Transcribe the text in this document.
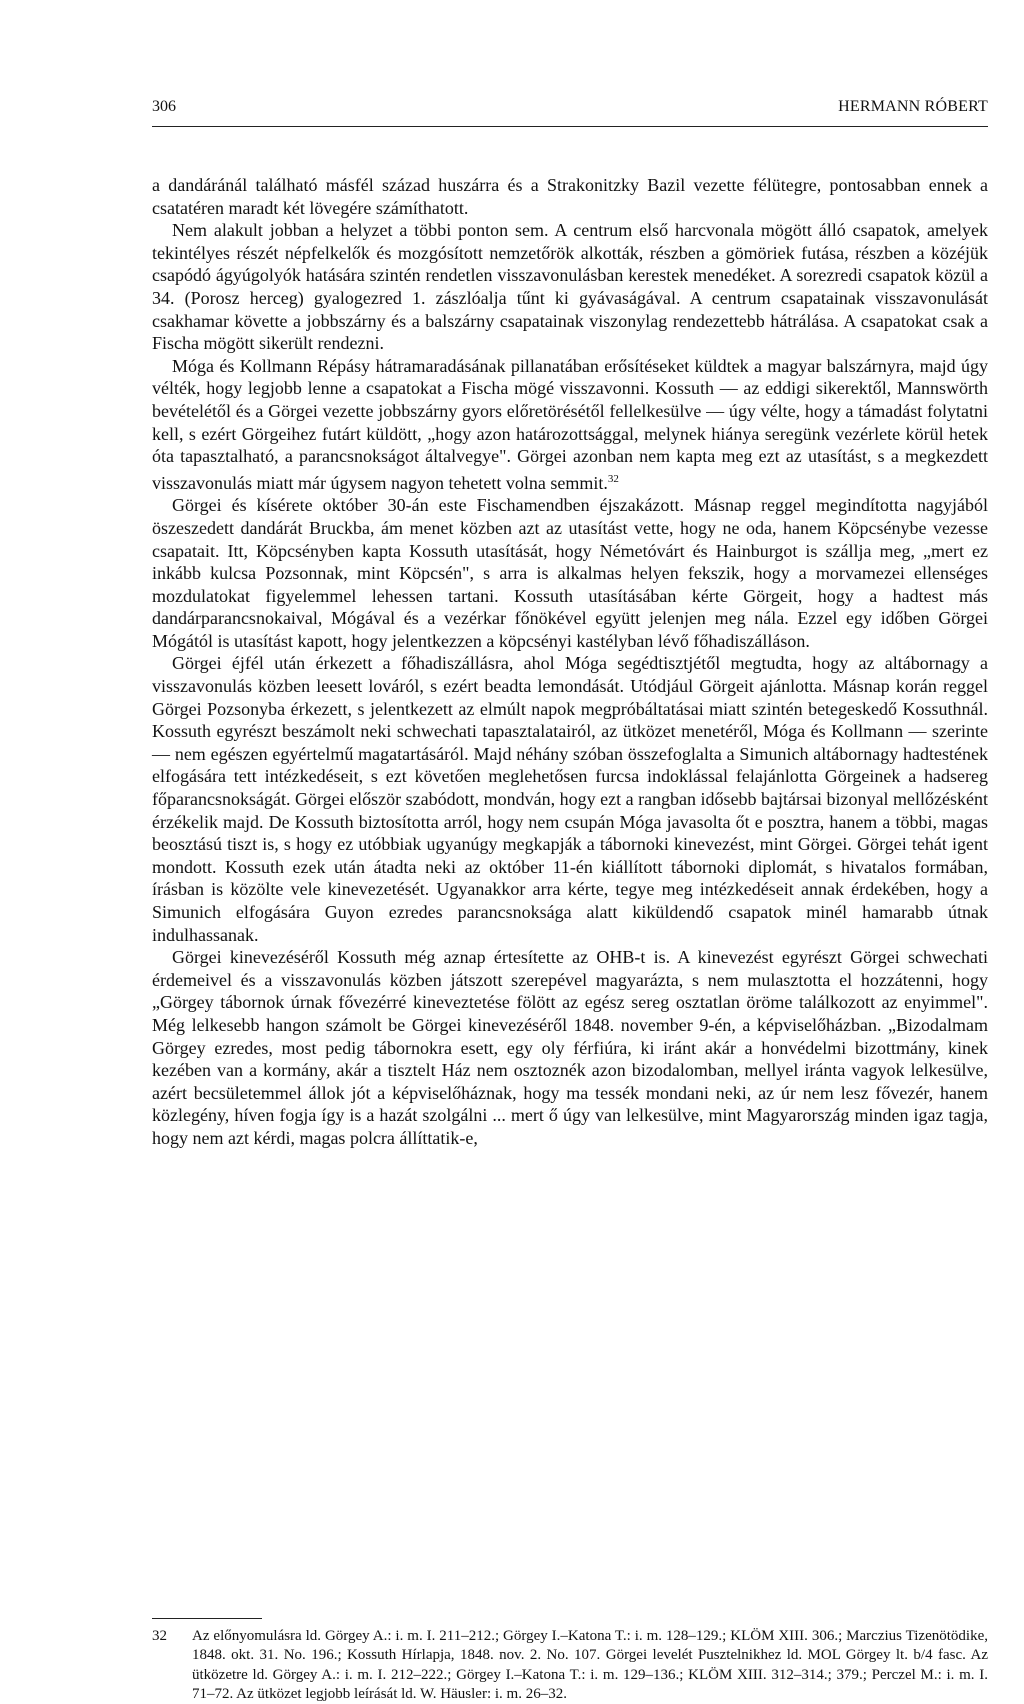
306	HERMANN RÓBERT

a dandáránál található másfél század huszárra és a Strakonitzky Bazil vezette félütegre, pontosabban ennek a csatatéren maradt két lövegére számíthatott.

Nem alakult jobban a helyzet a többi ponton sem. A centrum első harcvonala mögött álló csapatok, amelyek tekintélyes részét népfelkelők és mozgósított nemzetőrök alkották, részben a gömöriek futása, részben a közéjük csapódó ágyúgolyók hatására szintén rendetlen visszavonulásban kerestek menedéket. A sorezredi csapatok közül a 34. (Porosz herceg) gyalogezred 1. zászlóalja tűnt ki gyávaságával. A centrum csapatainak visszavonulását csakhamar követte a jobbszárny és a balszárny csapatainak viszonylag rendezettebb hátrálása. A csapatokat csak a Fischa mögött sikerült rendezni.

Móga és Kollmann Répásy hátramaradásának pillanatában erősítéseket küldtek a magyar balszárnyra, majd úgy vélték, hogy legjobb lenne a csapatokat a Fischa mögé visszavonni. Kossuth — az eddigi sikerektől, Mannswörth bevételétől és a Görgei vezette jobbszárny gyors előretörésétől fellelkesülve — úgy vélte, hogy a támadást folytatni kell, s ezért Görgeihez futárt küldött, „hogy azon határozottsággal, melynek hiánya seregünk vezérlete körül hetek óta tapasztalható, a parancsnokságot általvegye". Görgei azonban nem kapta meg ezt az utasítást, s a megkezdett visszavonulás miatt már úgysem nagyon tehetett volna semmit.$^{32}$

Görgei és kísérete október 30-án este Fischamendben éjszakázott. Másnap reggel megindította nagyjából öszeszedett dandárát Bruckba, ám menet közben azt az utasítást vette, hogy ne oda, hanem Köpcsénybe vezesse csapatait. Itt, Köpcsényben kapta Kossuth utasítását, hogy Németóvárt és Hainburgot is szállja meg, „mert ez inkább kulcsa Pozsonnak, mint Köpcsén", s arra is alkalmas helyen fekszik, hogy a morvamezei ellenséges mozdulatokat figyelemmel lehessen tartani. Kossuth utasításában kérte Görgeit, hogy a hadtest más dandárparancsnokaival, Mógával és a vezérkar főnökével együtt jelenjen meg nála. Ezzel egy időben Görgei Mógától is utasítást kapott, hogy jelentkezzen a köpcsényi kastélyban lévő főhadiszálláson.

Görgei éjfél után érkezett a főhadiszállásra, ahol Móga segédtisztjétől megtudta, hogy az altábornagy a visszavonulás közben leesett lováról, s ezért beadta lemondását. Utódjául Görgeit ajánlotta. Másnap korán reggel Görgei Pozsonyba érkezett, s jelentkezett az elmúlt napok megpróbáltatásai miatt szintén betegeskedő Kossuthnál. Kossuth egyrészt beszámolt neki schwechati tapasztalatairól, az ütközet menetéről, Móga és Kollmann — szerinte — nem egészen egyértelmű magatartásáról. Majd néhány szóban összefoglalta a Simunich altábornagy hadtestének elfogására tett intézkedéseit, s ezt követően meglehetősen furcsa indoklással felajánlotta Görgeinek a hadsereg főparancsnokságát. Görgei először szabódott, mondván, hogy ezt a rangban idősebb bajtársai bizonyal mellőzésként érzékelik majd. De Kossuth biztosította arról, hogy nem csupán Móga javasolta őt e posztra, hanem a többi, magas beosztású tiszt is, s hogy ez utóbbiak ugyanúgy megkapják a tábornoki kinevezést, mint Görgei. Görgei tehát igent mondott. Kossuth ezek után átadta neki az október 11-én kiállított tábornoki diplomát, s hivatalos formában, írásban is közölte vele kinevezetését. Ugyanakkor arra kérte, tegye meg intézkedéseit annak érdekében, hogy a Simunich elfogására Guyon ezredes parancsnoksága alatt kiküldendő csapatok minél hamarabb útnak indulhassanak.

Görgei kinevezéséről Kossuth még aznap értesítette az OHB-t is. A kinevezést egyrészt Görgei schwechati érdemeivel és a visszavonulás közben játszott szerepével magyarázta, s nem mulasztotta el hozzátenni, hogy „Görgey tábornok úrnak fővezérré kineveztetése fölött az egész sereg osztatlan öröme találkozott az enyimmel". Még lelkesebb hangon számolt be Görgei kinevezéséről 1848. november 9-én, a képviselőházban. „Bizodalmam Görgey ezredes, most pedig tábornokra esett, egy oly férfiúra, ki iránt akár a honvédelmi bizottmány, kinek kezében van a kormány, akár a tisztelt Ház nem osztoznék azon bizodalomban, mellyel iránta vagyok lelkesülve, azért becsületemmel állok jót a képviselőháznak, hogy ma tessék mondani neki, az úr nem lesz fővezér, hanem közlegény, híven fogja így is a hazát szolgálni ... mert ő úgy van lelkesülve, mint Magyarország minden igaz tagja, hogy nem azt kérdi, magas polcra állíttatik-e,

32 Az előnyomulásra ld. Görgey A.: i. m. I. 211–212.; Görgey I.–Katona T.: i. m. 128–129.; KLÖM XIII. 306.; Marczius Tizenötödike, 1848. okt. 31. No. 196.; Kossuth Hírlapja, 1848. nov. 2. No. 107. Görgei levelét Pusztelnikhez ld. MOL Görgey lt. b/4 fasc. Az ütközetre ld. Görgey A.: i. m. I. 212–222.; Görgey I.–Katona T.: i. m. 129–136.; KLÖM XIII. 312–314.; 379.; Perczel M.: i. m. I. 71–72. Az ütközet legjobb leírását ld. W. Häusler: i. m. 26–32.
